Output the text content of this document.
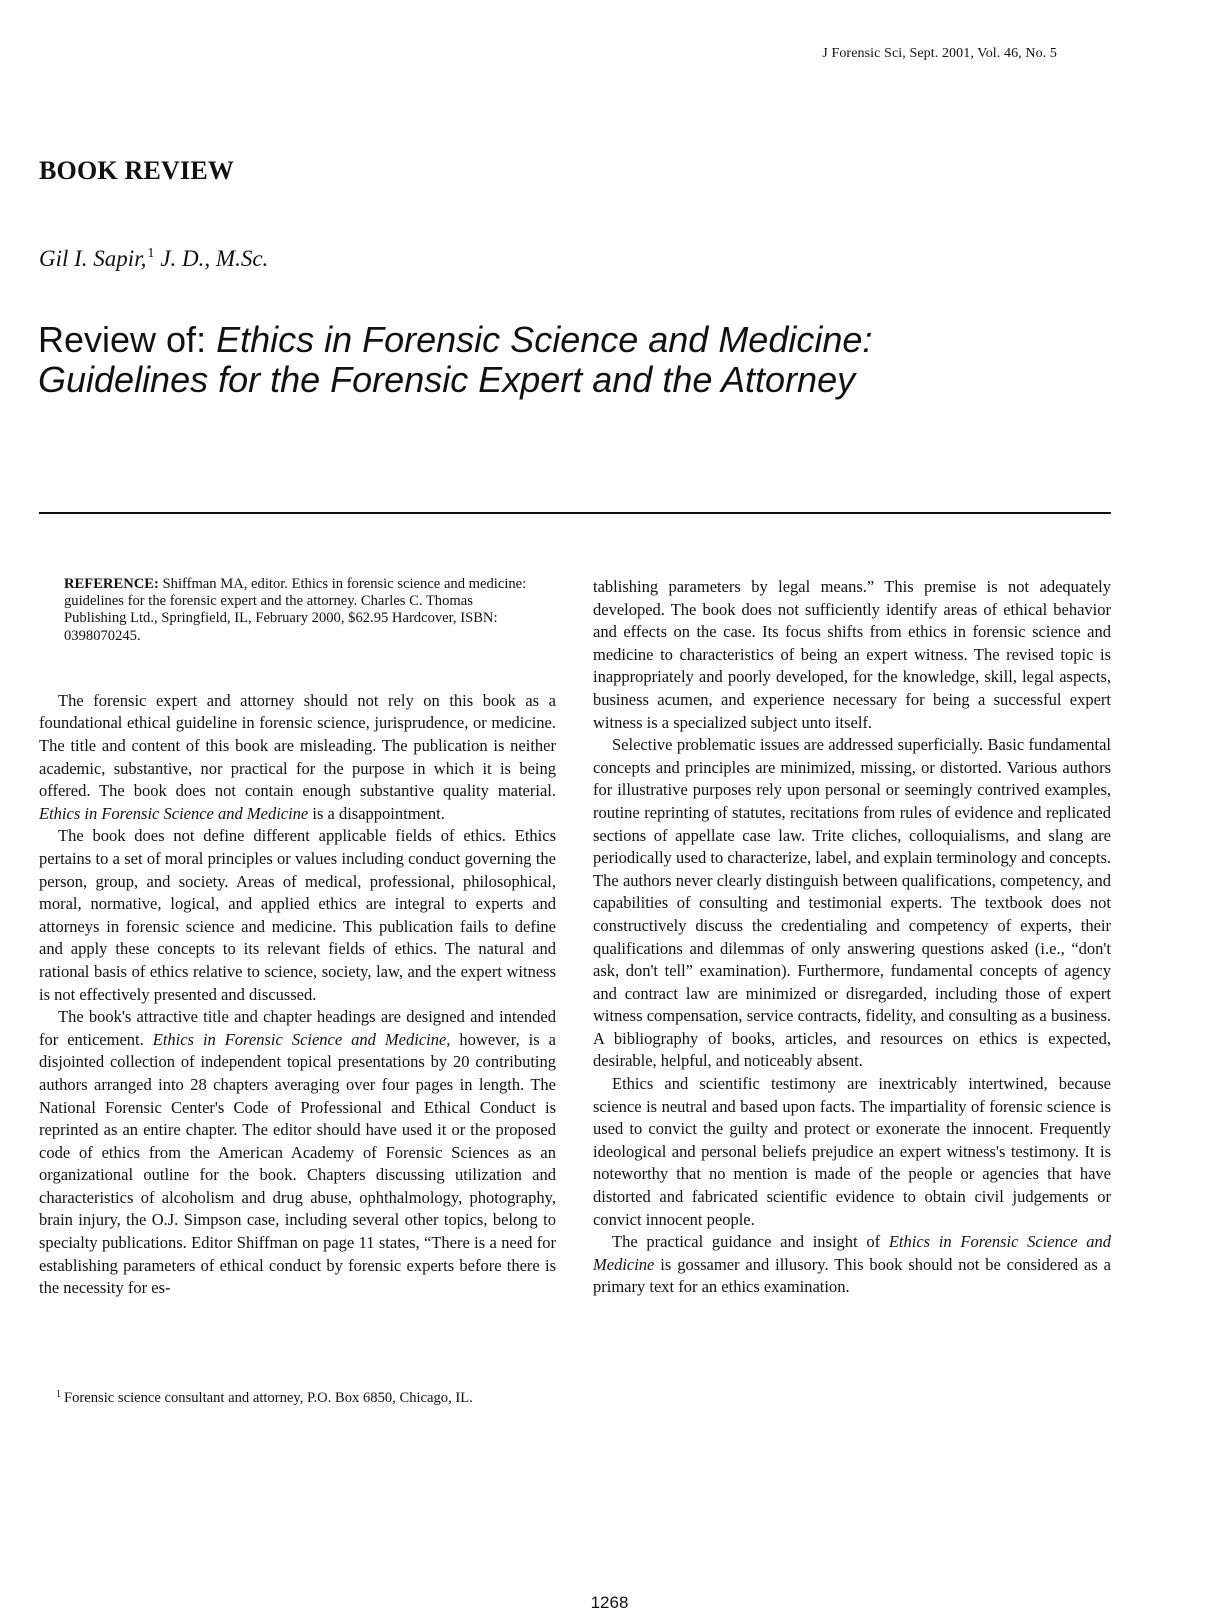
J Forensic Sci, Sept. 2001, Vol. 46, No. 5
BOOK REVIEW
Gil I. Sapir,$^1$ J. D., M.Sc.
Review of: Ethics in Forensic Science and Medicine: Guidelines for the Forensic Expert and the Attorney

REFERENCE: Shiffman MA, editor. Ethics in forensic science and medicine: guidelines for the forensic expert and the attorney. Charles C. Thomas Publishing Ltd., Springfield, IL, February 2000, $62.95 Hardcover, ISBN: 0398070245.

The forensic expert and attorney should not rely on this book as a foundational ethical guideline in forensic science, jurisprudence, or medicine. The title and content of this book are misleading. The publication is neither academic, substantive, nor practical for the purpose in which it is being offered. The book does not contain enough substantive quality material. Ethics in Forensic Science and Medicine is a disappointment.

The book does not define different applicable fields of ethics. Ethics pertains to a set of moral principles or values including conduct governing the person, group, and society. Areas of medical, professional, philosophical, moral, normative, logical, and applied ethics are integral to experts and attorneys in forensic science and medicine. This publication fails to define and apply these concepts to its relevant fields of ethics. The natural and rational basis of ethics relative to science, society, law, and the expert witness is not effectively presented and discussed.

The book's attractive title and chapter headings are designed and intended for enticement. Ethics in Forensic Science and Medicine, however, is a disjointed collection of independent topical presentations by 20 contributing authors arranged into 28 chapters averaging over four pages in length. The National Forensic Center's Code of Professional and Ethical Conduct is reprinted as an entire chapter. The editor should have used it or the proposed code of ethics from the American Academy of Forensic Sciences as an organizational outline for the book. Chapters discussing utilization and characteristics of alcoholism and drug abuse, ophthalmology, photography, brain injury, the O.J. Simpson case, including several other topics, belong to specialty publications. Editor Shiffman on page 11 states, “There is a need for establishing parameters of ethical conduct by forensic experts before there is the necessity for es-

tablishing parameters by legal means.” This premise is not adequately developed. The book does not sufficiently identify areas of ethical behavior and effects on the case. Its focus shifts from ethics in forensic science and medicine to characteristics of being an expert witness. The revised topic is inappropriately and poorly developed, for the knowledge, skill, legal aspects, business acumen, and experience necessary for being a successful expert witness is a specialized subject unto itself.

Selective problematic issues are addressed superficially. Basic fundamental concepts and principles are minimized, missing, or distorted. Various authors for illustrative purposes rely upon personal or seemingly contrived examples, routine reprinting of statutes, recitations from rules of evidence and replicated sections of appellate case law. Trite cliches, colloquialisms, and slang are periodically used to characterize, label, and explain terminology and concepts. The authors never clearly distinguish between qualifications, competency, and capabilities of consulting and testimonial experts. The textbook does not constructively discuss the credentialing and competency of experts, their qualifications and dilemmas of only answering questions asked (i.e., “don't ask, don't tell” examination). Furthermore, fundamental concepts of agency and contract law are minimized or disregarded, including those of expert witness compensation, service contracts, fidelity, and consulting as a business. A bibliography of books, articles, and resources on ethics is expected, desirable, helpful, and noticeably absent.

Ethics and scientific testimony are inextricably intertwined, because science is neutral and based upon facts. The impartiality of forensic science is used to convict the guilty and protect or exonerate the innocent. Frequently ideological and personal beliefs prejudice an expert witness's testimony. It is noteworthy that no mention is made of the people or agencies that have distorted and fabricated scientific evidence to obtain civil judgements or convict innocent people.

The practical guidance and insight of Ethics in Forensic Science and Medicine is gossamer and illusory. This book should not be considered as a primary text for an ethics examination.

$^1$ Forensic science consultant and attorney, P.O. Box 6850, Chicago, IL.
1268
